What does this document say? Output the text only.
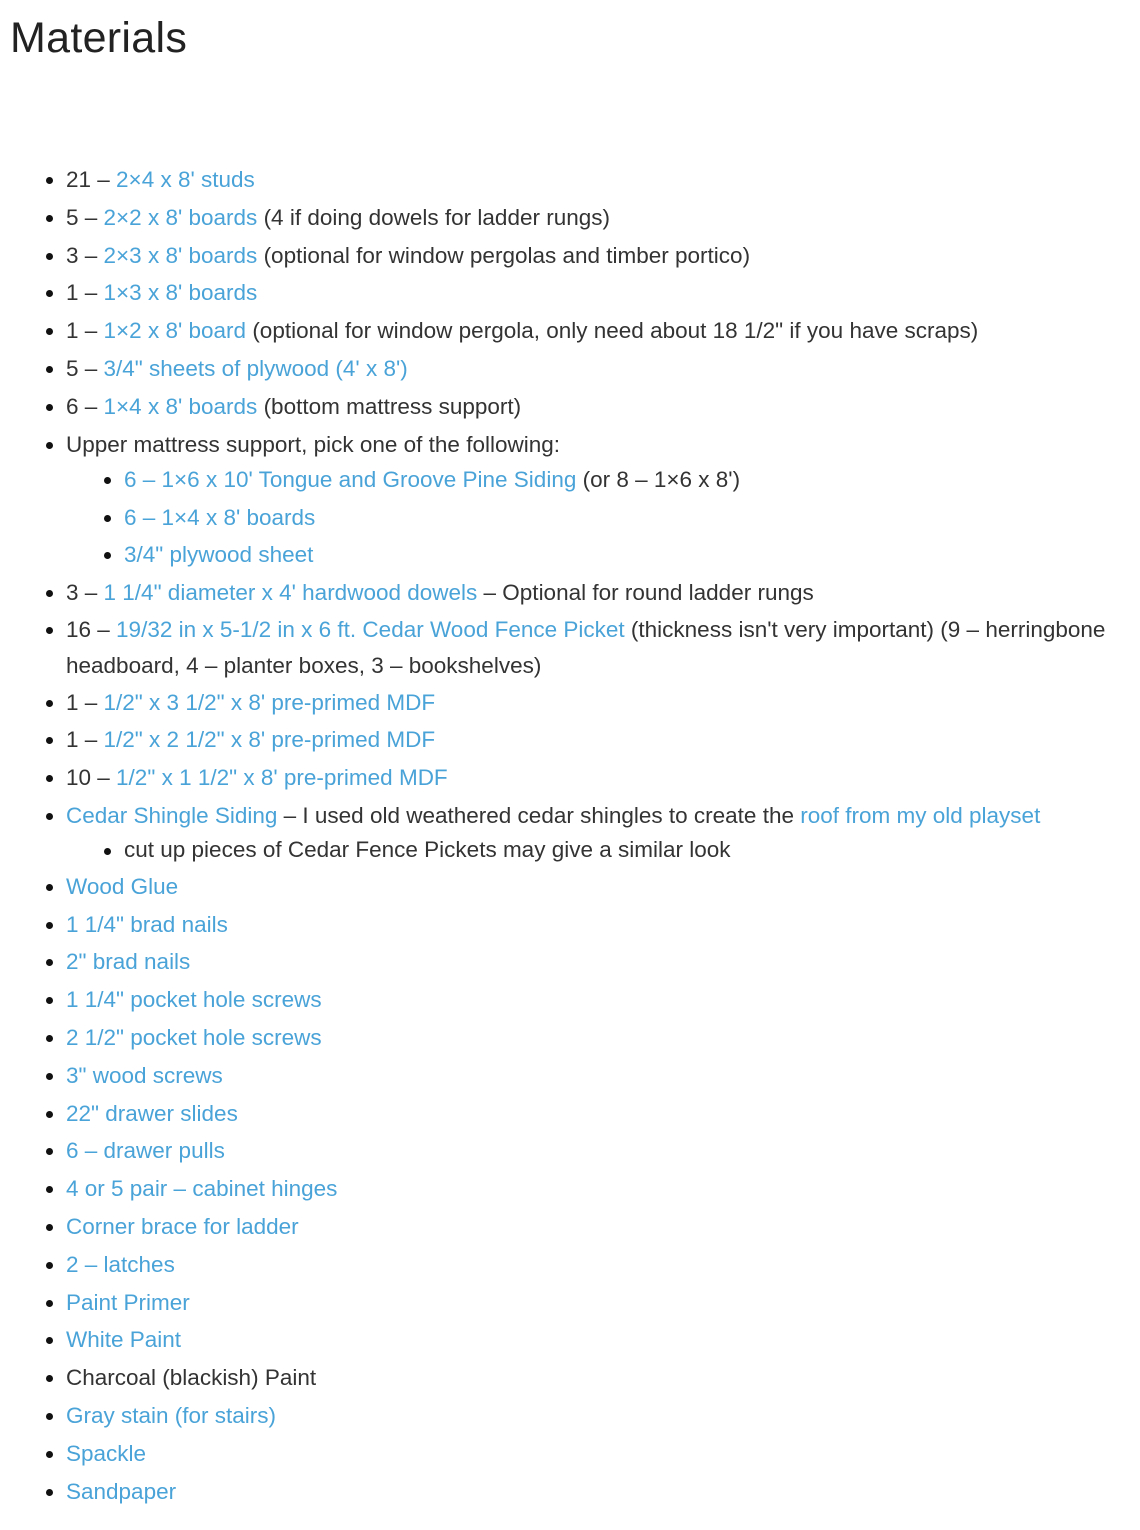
Materials
21 – 2×4 x 8' studs
5 – 2×2 x 8' boards (4 if doing dowels for ladder rungs)
3 – 2×3 x 8' boards (optional for window pergolas and timber portico)
1 – 1×3 x 8' boards
1 – 1×2 x 8' board (optional for window pergola, only need about 18 1/2" if you have scraps)
5 – 3/4" sheets of plywood (4' x 8')
6 – 1×4 x 8' boards (bottom mattress support)
Upper mattress support, pick one of the following:
6 – 1×6 x 10' Tongue and Groove Pine Siding (or 8 – 1×6 x 8')
6 – 1×4 x 8' boards
3/4" plywood sheet
3 – 1 1/4" diameter x 4' hardwood dowels – Optional for round ladder rungs
16 – 19/32 in x 5-1/2 in x 6 ft. Cedar Wood Fence Picket (thickness isn't very important) (9 – herringbone headboard, 4 – planter boxes, 3 – bookshelves)
1 – 1/2" x 3 1/2" x 8' pre-primed MDF
1 – 1/2" x 2 1/2" x 8' pre-primed MDF
10 – 1/2" x 1 1/2" x 8' pre-primed MDF
Cedar Shingle Siding – I used old weathered cedar shingles to create the roof from my old playset
cut up pieces of Cedar Fence Pickets may give a similar look
Wood Glue
1 1/4" brad nails
2" brad nails
1 1/4" pocket hole screws
2 1/2" pocket hole screws
3" wood screws
22" drawer slides
6 – drawer pulls
4 or 5 pair – cabinet hinges
Corner brace for ladder
2 – latches
Paint Primer
White Paint
Charcoal (blackish) Paint
Gray stain (for stairs)
Spackle
Sandpaper
